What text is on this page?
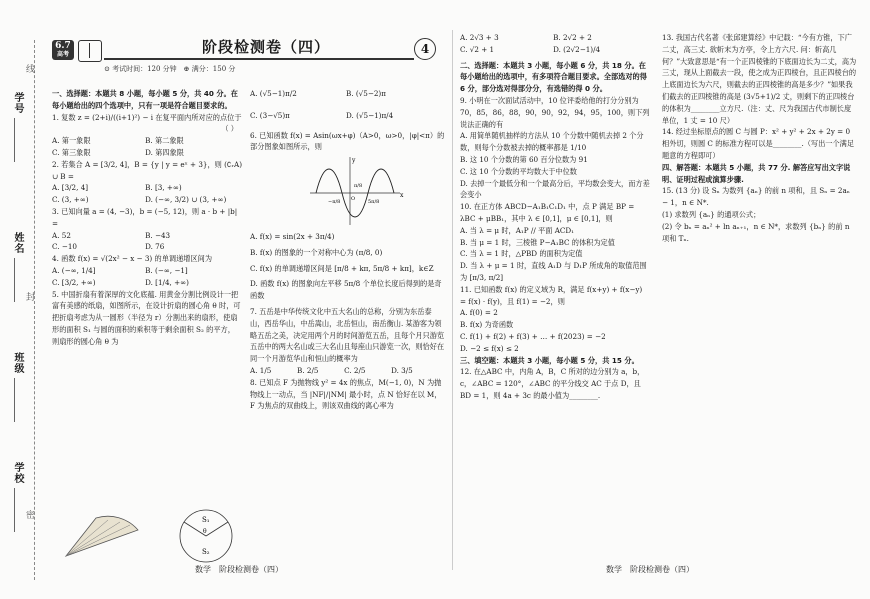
学号
姓名
班级
学校
线
封
密
6.7
高考	阶段检测卷（四）	4
⊙ 考试时间：120 分钟　⊕ 满分：150 分

一、选择题：本题共 8 小题，每小题 5 分，共 40 分。在每小题给出的四个选项中，只有一项是符合题目要求的。

1. 复数 z = (2+i)/((i+1)²) − i 在复平面内所对应的点位于

（ ）

A. 第一象限	B. 第二象限

C. 第三象限	D. 第四象限

2. 若集合 A = [3/2, 4]，B = {y | y = eˣ + 3}，则 (∁ᵣA) ∪ B =

A. [3/2, 4]	B. [3, +∞)

C. (3, +∞)	D. (−∞, 3/2) ∪ (3, +∞)

3. 已知向量 a = (4, −3)，b = (−5, 12)，则 a · b + |b| =

A. 52	B. −43

C. −10	D. 76

4. 函数 f(x) = √(2x² − x − 3) 的单调递增区间为

A. (−∞, 1/4]	B. (−∞, −1]

C. [3/2, +∞)	D. [1/4, +∞)

5. 中国折扇有着深厚的文化底蕴. 用黄金分割比例设计一把富有美感的纸扇，如图所示，在设计折扇的圆心角 θ 时，可把折扇考虑为从一圆形（半径为 r）分割出来的扇形，使扇形的面积 S₁ 与圆的面积的乘积等于剩余面积 S₂ 的平方，则扇形的圆心角 θ 为

S₁
S₂
θ

A. (√5−1)π/2	B. (√5−2)π

C. (3−√5)π	D. (√5−1)π/4

6. 已知函数 f(x) = Asin(ωx+φ)（A>0，ω>0，|φ|<π）的部分图象如图所示，则

y
x
O	5π/8
π/8
−π/8

A. f(x) = sin(2x + 3π/4)

B. f(x) 的图象的一个对称中心为 (π/8, 0)

C. f(x) 的单调递增区间是 [π/8 + kπ, 5π/8 + kπ]，k∈Z

D. 函数 f(x) 的图象向左平移 5π/8 个单位长度后得到的是奇函数

7. 五岳是中华传统文化中五大名山的总称，分别为东岳泰山，西岳华山，中岳嵩山，北岳恒山，南岳衡山. 某游客为领略五岳之美，决定用两个月的时间游览五岳，且每个月只游览五岳中的两大名山或三大名山且每座山只游览一次，则恰好在同一个月游览华山和恒山的概率为

A. 1/5	B. 2/5	C. 2/5	D. 3/5

8. 已知点 F 为抛物线 y² = 4x 的焦点，M(−1, 0)，N 为抛物线上一动点，当 |NF|/|NM| 最小时，点 N 恰好在以 M，F 为焦点的双曲线上，则该双曲线的离心率为

数学　阶段检测卷（四）

A. 2√3 + 3	B. 2√2 + 2

C. √2 + 1	D. (2√2−1)/4

二、选择题：本题共 3 小题，每小题 6 分，共 18 分。在每小题给出的选项中，有多项符合题目要求。全部选对的得 6 分，部分选对得部分分，有选错的得 0 分。

9. 小明在一次面试活动中，10 位评委给他的打分分别为 70，85，86，88，90，90，92，94，95，100，则下列说法正确的有

A. 用简单随机抽样的方法从 10 个分数中随机去掉 2 个分数，则每个分数被去掉的概率都是 1/10

B. 这 10 个分数的第 60 百分位数为 91

C. 这 10 个分数的平均数大于中位数

D. 去掉一个最低分和一个最高分后，平均数会变大，而方差会变小

10. 在正方体 ABCD−A₁B₁C₁D₁ 中，点 P 满足 BP = λBC + μBB₁，其中 λ ∈ [0,1]，μ ∈ [0,1]，则

A. 当 λ = μ 时，A₁P // 平面 ACD₁

B. 当 μ = 1 时，三棱锥 P−A₁BC 的体积为定值

C. 当 λ = 1 时，△PBD 的面积为定值

D. 当 λ + μ = 1 时，直线 A₁D 与 D₁P 所成角的取值范围为 [π/3, π/2]

11. 已知函数 f(x) 的定义域为 R，满足 f(x+y) + f(x−y) = f(x) · f(y)，且 f(1) = −2，则

A. f(0) = 2

B. f(x) 为奇函数

C. f(1) + f(2) + f(3) + … + f(2023) = −2

D. −2 ≤ f(x) ≤ 2

三、填空题：本题共 3 小题，每小题 5 分，共 15 分。

12. 在△ABC 中，内角 A，B，C 所对的边分别为 a，b，c，∠ABC = 120°，∠ABC 的平分线交 AC 于点 D，且 BD = 1，则 4a + 3c 的最小值为________.

13. 我国古代名著《张邱建算经》中记载：“今有方锥，下广二丈，高三丈. 欲斩末为方亭，令上方六尺. 问：斩高几何？”大致意思是“有一个正四棱锥的下底面边长为二丈，高为三丈，现从上面截去一段，使之成为正四棱台，且正四棱台的上底面边长为六尺，则截去的正四棱锥的高是多少？”如果我们截去的正四棱锥的高是 (3√5+1)/2 丈，则剩下的正四棱台的体积为________立方尺.（注：丈、尺为我国古代市制长度单位，1 丈 = 10 尺）

14. 经过坐标原点的圆 C 与圆 P：x² + y² + 2x + 2y = 0 相外切，则圆 C 的标准方程可以是________.（写出一个满足题意的方程即可）

四、解答题：本题共 5 小题，共 77 分. 解答应写出文字说明、证明过程或演算步骤.

15. (13 分) 设 Sₙ 为数列 {aₙ} 的前 n 项和，且 Sₙ = 2aₙ − 1，n ∈ N*.

(1) 求数列 {aₙ} 的通项公式；

(2) 令 bₙ = aₙ² + ln aₙ₊₁，n ∈ N*，求数列 {bₙ} 的前 n 项和 Tₙ.

数学　阶段检测卷（四）
